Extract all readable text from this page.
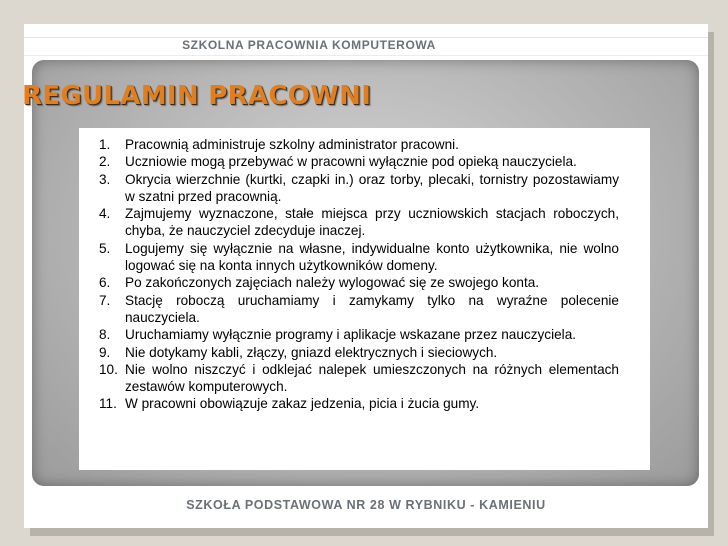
SZKOLNA PRACOWNIA KOMPUTEROWA
1. Pracownią administruje szkolny administrator pracowni.
2. Uczniowie mogą przebywać w pracowni wyłącznie pod opieką nauczyciela.
3. Okrycia wierzchnie (kurtki, czapki in.) oraz torby, plecaki, tornistry pozostawiamy w szatni przed pracownią.
4. Zajmujemy wyznaczone, stałe miejsca przy uczniowskich stacjach roboczych, chyba, że nauczyciel zdecyduje inaczej.
5. Logujemy się wyłącznie na własne, indywidualne konto użytkownika, nie wolno logować się na konta innych użytkowników domeny.
6. Po zakończonych zajęciach należy wylogować się ze swojego konta.
7. Stację roboczą uruchamiamy i zamykamy tylko na wyraźne polecenie nauczyciela.
8. Uruchamiamy wyłącznie programy i aplikacje wskazane przez nauczyciela.
9. Nie dotykamy kabli, złączy, gniazd elektrycznych i sieciowych.
10. Nie wolno niszczyć i odklejać nalepek umieszczonych na różnych elementach zestawów komputerowych.
11. W pracowni obowiązuje zakaz jedzenia, picia i żucia gumy.
SZKOŁA PODSTAWOWA NR 28 W RYBNIKU - KAMIENIU
REGULAMIN PRACOWNI
